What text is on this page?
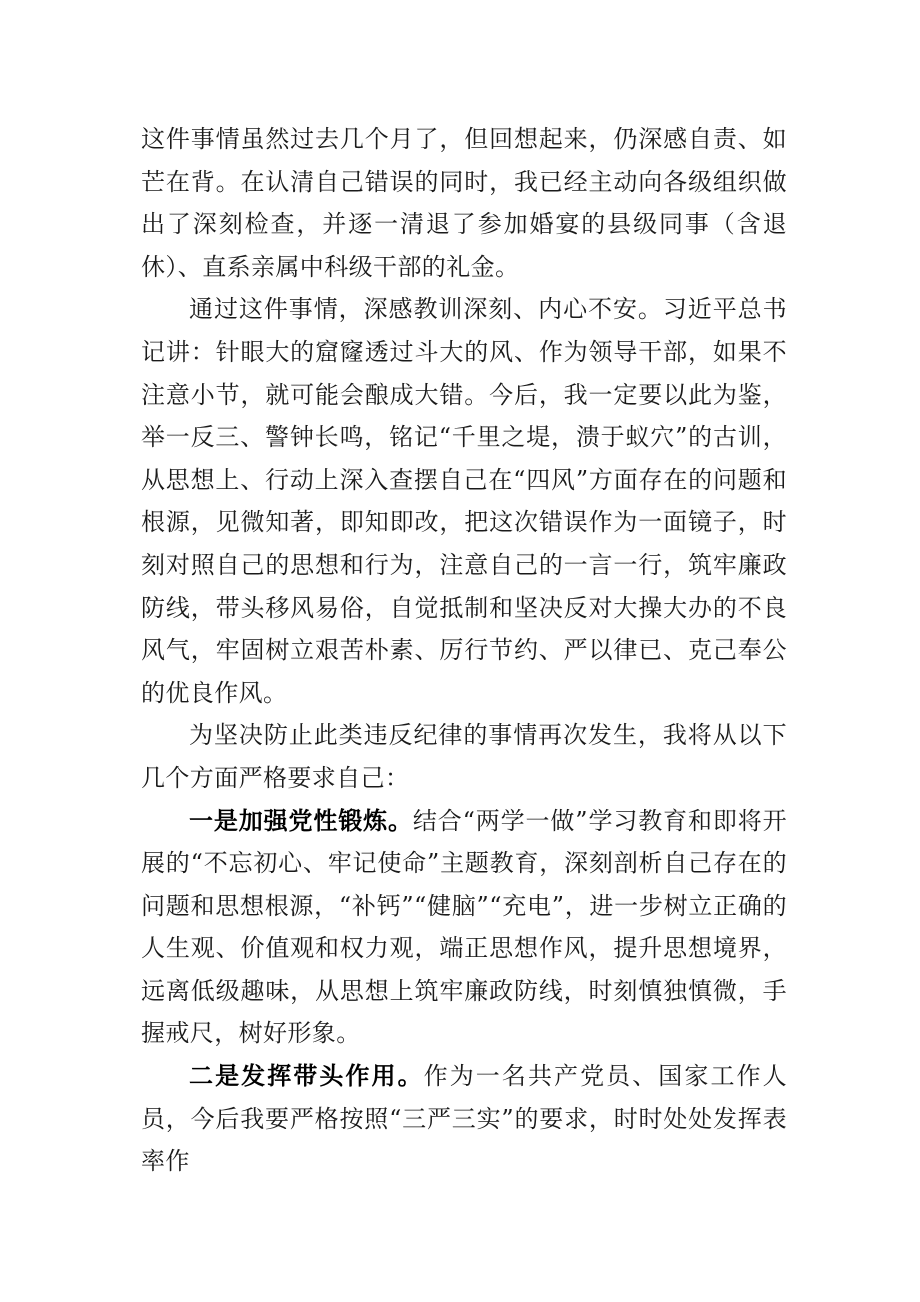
这件事情虽然过去几个月了，但回想起来，仍深感自责、如芒在背。在认清自己错误的同时，我已经主动向各级组织做出了深刻检查，并逐一清退了参加婚宴的县级同事（含退休）、直系亲属中科级干部的礼金。

通过这件事情，深感教训深刻、内心不安。习近平总书记讲：针眼大的窟窿透过斗大的风、作为领导干部，如果不注意小节，就可能会酿成大错。今后，我一定要以此为鉴，举一反三、警钟长鸣，铭记“千里之堤，溃于蚁穴”的古训，从思想上、行动上深入查摆自己在“四风”方面存在的问题和根源，见微知著，即知即改，把这次错误作为一面镜子，时刻对照自己的思想和行为，注意自己的一言一行，筑牢廉政防线，带头移风易俗，自觉抵制和坚决反对大操大办的不良风气，牢固树立艰苦朴素、厉行节约、严以律已、克己奉公的优良作风。

为坚决防止此类违反纪律的事情再次发生，我将从以下几个方面严格要求自己：

一是加强党性锻炼。结合“两学一做”学习教育和即将开展的“不忘初心、牢记使命”主题教育，深刻剖析自己存在的问题和思想根源，“补钙”“健脑”“充电”，进一步树立正确的人生观、价值观和权力观，端正思想作风，提升思想境界，远离低级趣味，从思想上筑牢廉政防线，时刻慎独慎微，手握戒尺，树好形象。

二是发挥带头作用。作为一名共产党员、国家工作人员，今后我要严格按照“三严三实”的要求，时时处处发挥表率作
